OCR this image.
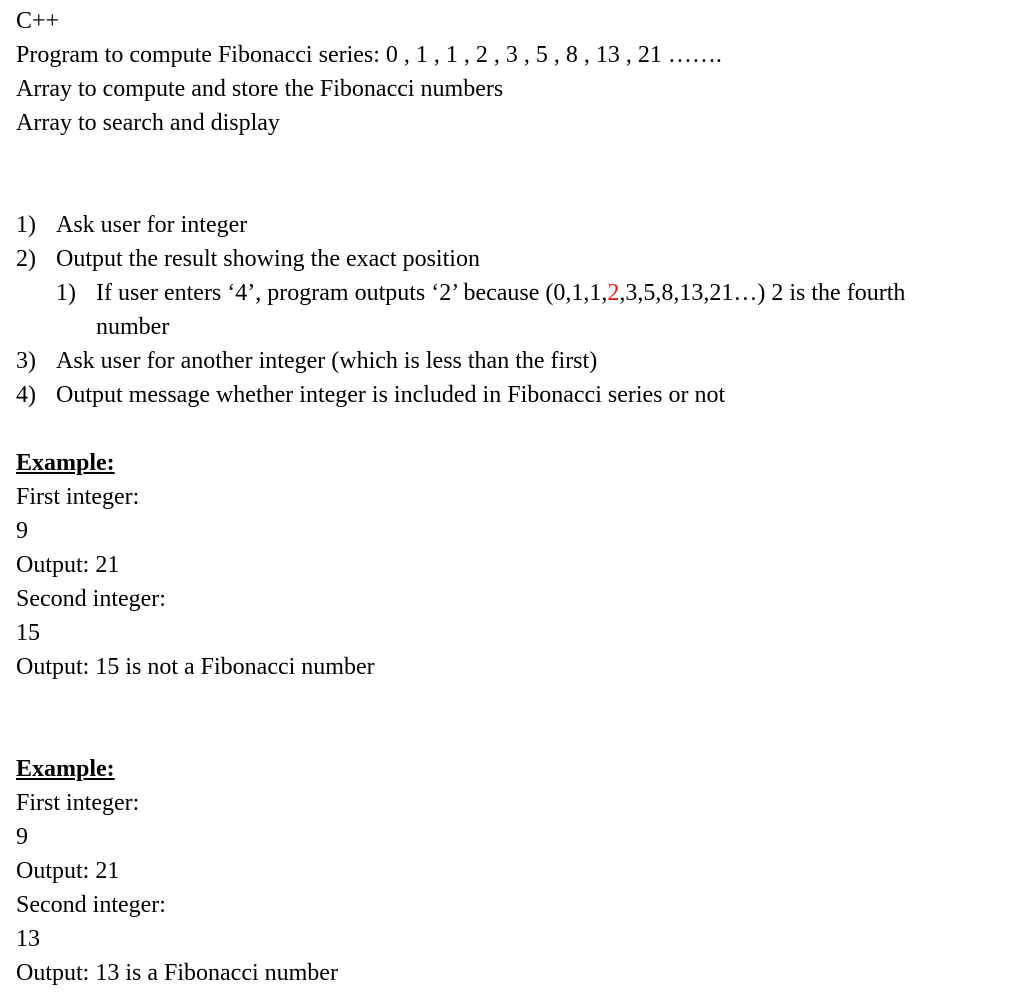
C++
Program to compute Fibonacci series: 0 , 1 , 1 , 2 , 3 , 5 , 8 , 13 , 21 …….
Array to compute and store the Fibonacci numbers
Array to search and display
1) Ask user for integer
2) Output the result showing the exact position
1) If user enters ‘4’, program outputs ‘2’ because (0,1,1,2,3,5,8,13,21…) 2 is the fourth
number
3) Ask user for another integer (which is less than the first)
4) Output message whether integer is included in Fibonacci series or not
Example:
First integer:
9
Output: 21
Second integer:
15
Output: 15 is not a Fibonacci number
Example:
First integer:
9
Output: 21
Second integer:
13
Output: 13 is a Fibonacci number
